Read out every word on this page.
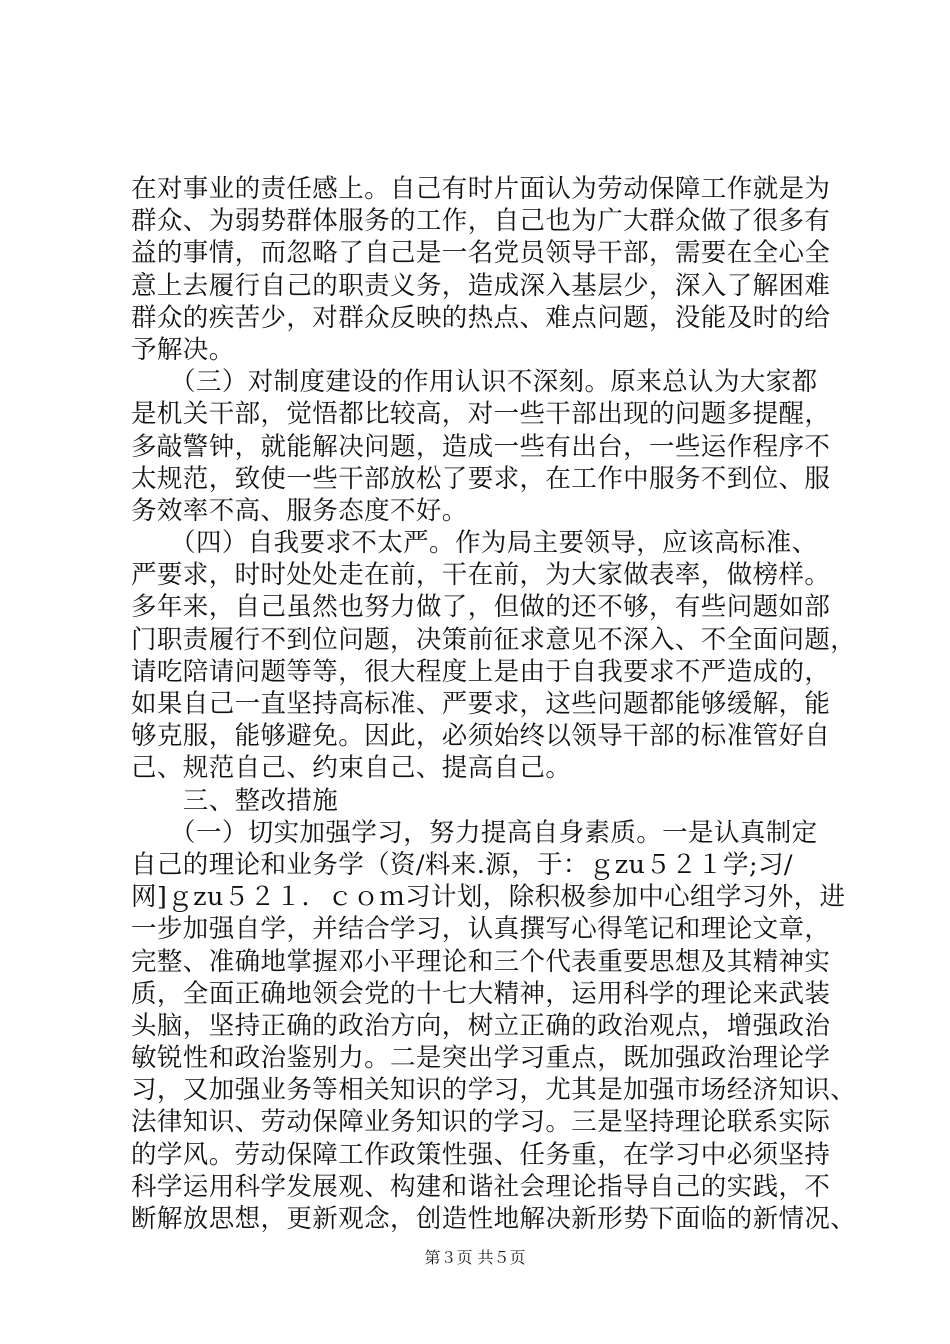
在对事业的责任感上。自己有时片面认为劳动保障工作就是为
群众、为弱势群体服务的工作，自己也为广大群众做了很多有
益的事情，而忽略了自己是一名党员领导干部，需要在全心全
意上去履行自己的职责义务，造成深入基层少，深入了解困难
群众的疾苦少，对群众反映的热点、难点问题，没能及时的给
予解决。
　　（三）对制度建设的作用认识不深刻。原来总认为大家都
是机关干部，觉悟都比较高，对一些干部出现的问题多提醒，
多敲警钟，就能解决问题，造成一些有出台，一些运作程序不
太规范，致使一些干部放松了要求，在工作中服务不到位、服
务效率不高、服务态度不好。
　　（四）自我要求不太严。作为局主要领导，应该高标准、
严要求，时时处处走在前，干在前，为大家做表率，做榜样。
多年来，自己虽然也努力做了，但做的还不够，有些问题如部
门职责履行不到位问题，决策前征求意见不深入、不全面问题，
请吃陪请问题等等，很大程度上是由于自我要求不严造成的，
如果自己一直坚持高标准、严要求，这些问题都能够缓解，能
够克服，能够避免。因此，必须始终以领导干部的标准管好自
己、规范自己、约束自己、提高自己。
　　三、整改措施
　　（一）切实加强学习，努力提高自身素质。一是认真制定
自己的理论和业务学（资/料来.源，于：ｇzu５２１学;习/
网]ｇzu５２１．ｃｏｍ习计划，除积极参加中心组学习外，进
一步加强自学，并结合学习，认真撰写心得笔记和理论文章，
完整、准确地掌握邓小平理论和三个代表重要思想及其精神实
质，全面正确地领会党的十七大精神，运用科学的理论来武装
头脑，坚持正确的政治方向，树立正确的政治观点，增强政治
敏锐性和政治鉴别力。二是突出学习重点，既加强政治理论学
习，又加强业务等相关知识的学习，尤其是加强市场经济知识、
法律知识、劳动保障业务知识的学习。三是坚持理论联系实际
的学风。劳动保障工作政策性强、任务重，在学习中必须坚持
科学运用科学发展观、构建和谐社会理论指导自己的实践，不
断解放思想，更新观念，创造性地解决新形势下面临的新情况、
第３页 共５页
